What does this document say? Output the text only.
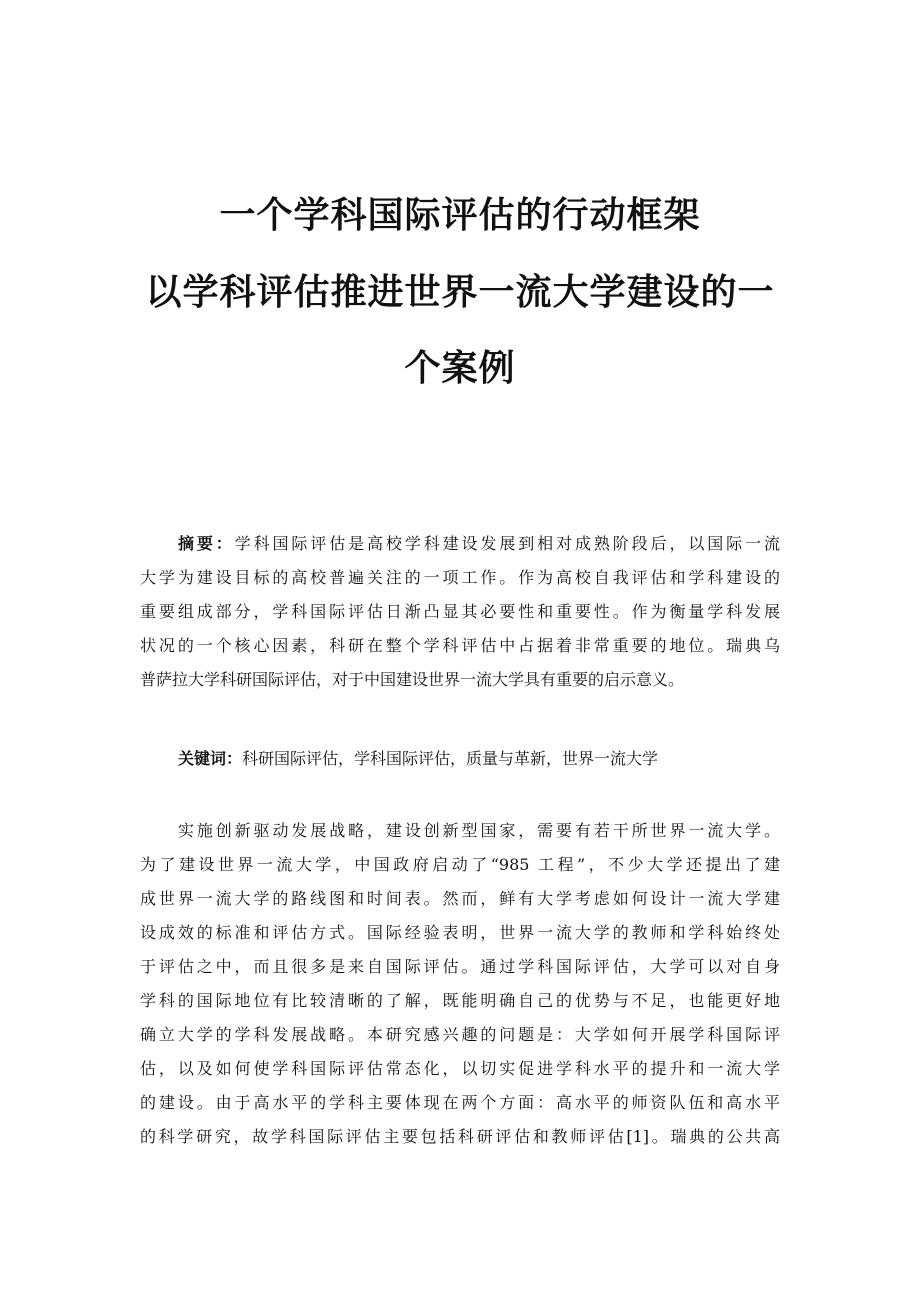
一个学科国际评估的行动框架
以学科评估推进世界一流大学建设的一
个案例
摘要：学科国际评估是高校学科建设发展到相对成熟阶段后，以国际一流
大学为建设目标的高校普遍关注的一项工作。作为高校自我评估和学科建设的
重要组成部分，学科国际评估日渐凸显其必要性和重要性。作为衡量学科发展
状况的一个核心因素，科研在整个学科评估中占据着非常重要的地位。瑞典乌
普萨拉大学科研国际评估，对于中国建设世界一流大学具有重要的启示意义。
关键词：科研国际评估，学科国际评估，质量与革新，世界一流大学
实施创新驱动发展战略，建设创新型国家，需要有若干所世界一流大学。
为了建设世界一流大学，中国政府启动了“985 工程”，不少大学还提出了建
成世界一流大学的路线图和时间表。然而，鲜有大学考虑如何设计一流大学建
设成效的标准和评估方式。国际经验表明，世界一流大学的教师和学科始终处
于评估之中，而且很多是来自国际评估。通过学科国际评估，大学可以对自身
学科的国际地位有比较清晰的了解，既能明确自己的优势与不足，也能更好地
确立大学的学科发展战略。本研究感兴趣的问题是：大学如何开展学科国际评
估，以及如何使学科国际评估常态化，以切实促进学科水平的提升和一流大学
的建设。由于高水平的学科主要体现在两个方面：高水平的师资队伍和高水平
的科学研究，故学科国际评估主要包括科研评估和教师评估[1]。瑞典的公共高
